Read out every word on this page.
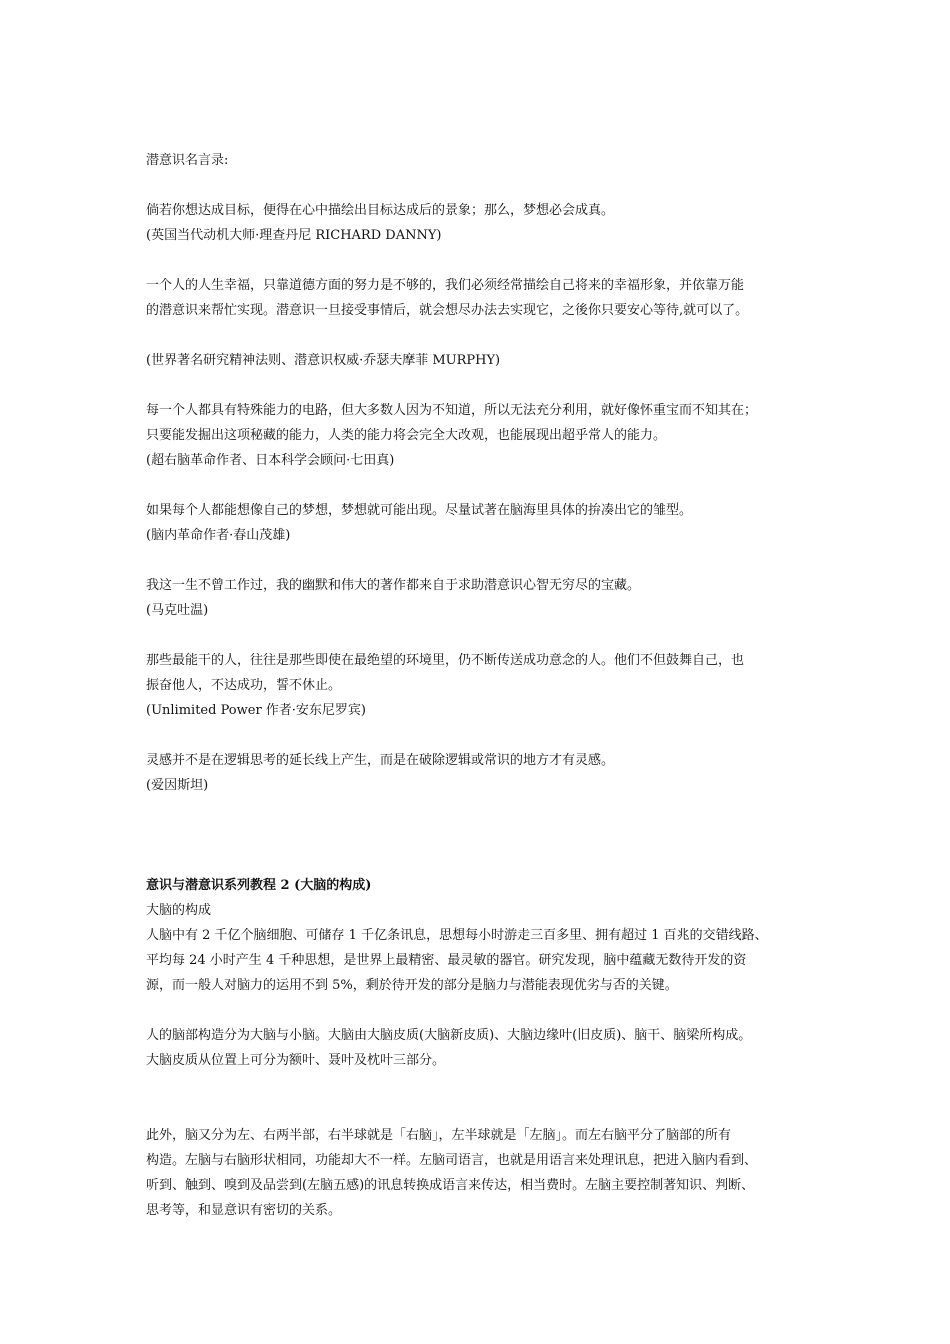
潜意识名言录:
倘若你想达成目标，便得在心中描绘出目标达成后的景象；那么，梦想必会成真。
(英国当代动机大师·理查丹尼 RICHARD DANNY)
一个人的人生幸福，只靠道德方面的努力是不够的，我们必须经常描绘自己将来的幸福形象，并依靠万能
的潜意识来帮忙实现。潜意识一旦接受事情后，就会想尽办法去实现它，之後你只要安心等待,就可以了。
(世界著名研究精神法则、潜意识权威·乔瑟夫摩菲 MURPHY)
每一个人都具有特殊能力的电路，但大多数人因为不知道，所以无法充分利用，就好像怀重宝而不知其在；
只要能发掘出这项秘藏的能力，人类的能力将会完全大改观，也能展现出超乎常人的能力。
(超右脑革命作者、日本科学会顾问·七田真)
如果每个人都能想像自己的梦想，梦想就可能出现。尽量试著在脑海里具体的拚凑出它的雏型。
(脑内革命作者·春山茂雄)
我这一生不曾工作过，我的幽默和伟大的著作都来自于求助潜意识心智无穷尽的宝藏。
(马克吐温)
那些最能干的人，往往是那些即使在最绝望的环境里，仍不断传送成功意念的人。他们不但鼓舞自己，也
振奋他人，不达成功，誓不休止。
(Unlimited Power 作者·安东尼罗宾)
灵感并不是在逻辑思考的延长线上产生，而是在破除逻辑或常识的地方才有灵感。
(爱因斯坦)
意识与潜意识系列教程 2 (大脑的构成)
大脑的构成
人脑中有 2 千亿个脑细胞、可储存 1 千亿条讯息，思想每小时游走三百多里、拥有超过 1 百兆的交错线路、
平均每 24 小时产生 4 千种思想，是世界上最精密、最灵敏的器官。研究发现，脑中蕴藏无数待开发的资
源，而一般人对脑力的运用不到 5%，剩於待开发的部分是脑力与潜能表现优劣与否的关键。
人的脑部构造分为大脑与小脑。大脑由大脑皮质(大脑新皮质)、大脑边缘叶(旧皮质)、脑干、脑梁所构成。
大脑皮质从位置上可分为额叶、聂叶及枕叶三部分。
此外，脑又分为左、右两半部，右半球就是「右脑」，左半球就是「左脑」。而左右脑平分了脑部的所有
构造。左脑与右脑形状相同，功能却大不一样。左脑司语言，也就是用语言来处理讯息，把进入脑内看到、
听到、触到、嗅到及品尝到(左脑五感)的讯息转换成语言来传达，相当费时。左脑主要控制著知识、判断、
思考等，和显意识有密切的关系。
